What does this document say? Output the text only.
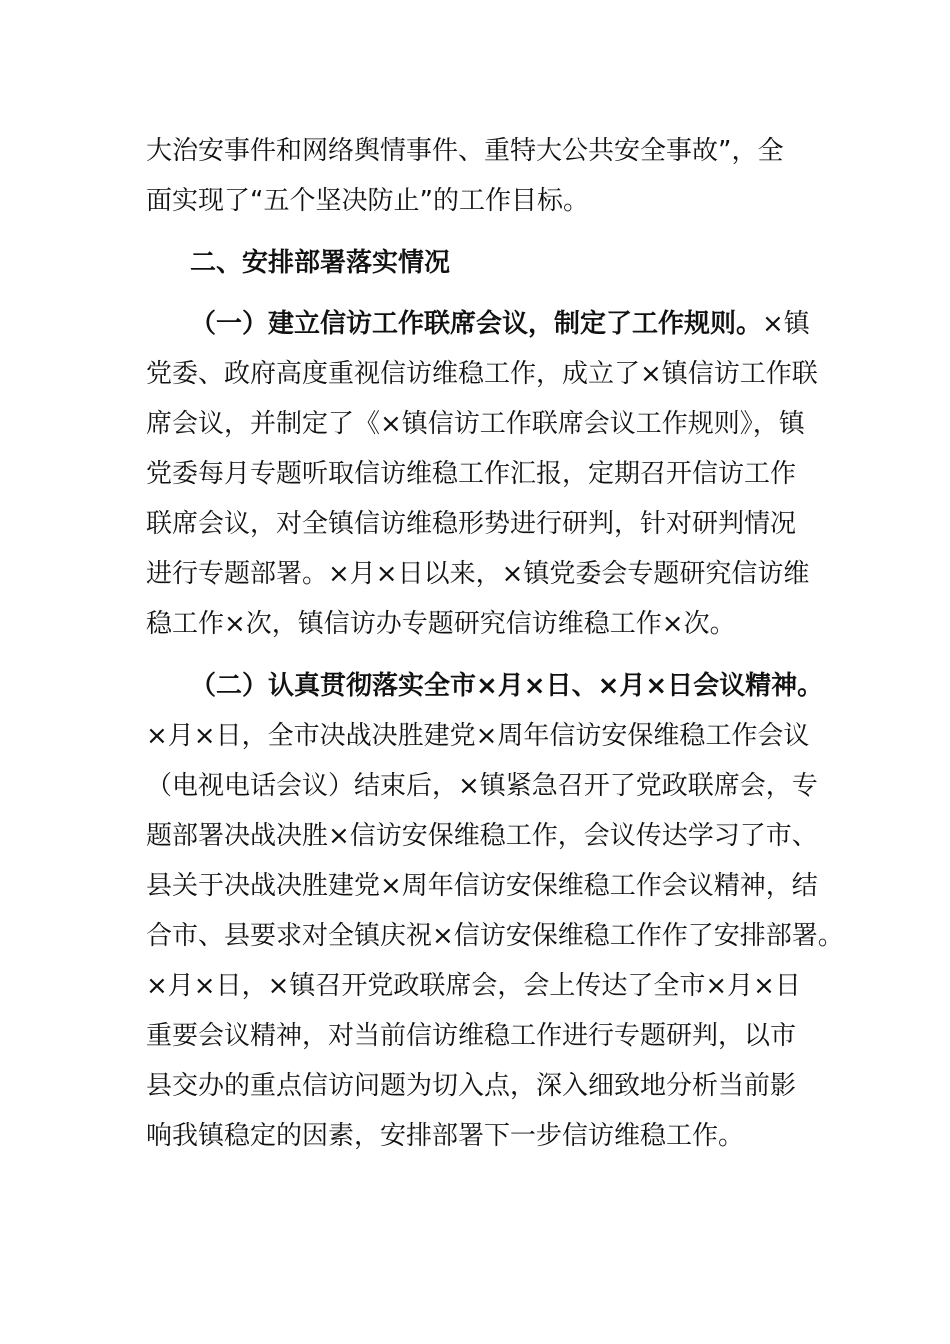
大治安事件和网络舆情事件、重特大公共安全事故”，全
面实现了“五个坚决防止”的工作目标。
二、安排部署落实情况
（一）建立信访工作联席会议，制定了工作规则。×镇
党委、政府高度重视信访维稳工作，成立了×镇信访工作联
席会议，并制定了《×镇信访工作联席会议工作规则》，镇
党委每月专题听取信访维稳工作汇报，定期召开信访工作
联席会议，对全镇信访维稳形势进行研判，针对研判情况
进行专题部署。×月×日以来，×镇党委会专题研究信访维
稳工作×次，镇信访办专题研究信访维稳工作×次。
（二）认真贯彻落实全市×月×日、×月×日会议精神。
×月×日，全市决战决胜建党×周年信访安保维稳工作会议
（电视电话会议）结束后，×镇紧急召开了党政联席会，专
题部署决战决胜×信访安保维稳工作，会议传达学习了市、
县关于决战决胜建党×周年信访安保维稳工作会议精神，结
合市、县要求对全镇庆祝×信访安保维稳工作作了安排部署。
×月×日，×镇召开党政联席会，会上传达了全市×月×日
重要会议精神，对当前信访维稳工作进行专题研判，以市
县交办的重点信访问题为切入点，深入细致地分析当前影
响我镇稳定的因素，安排部署下一步信访维稳工作。
